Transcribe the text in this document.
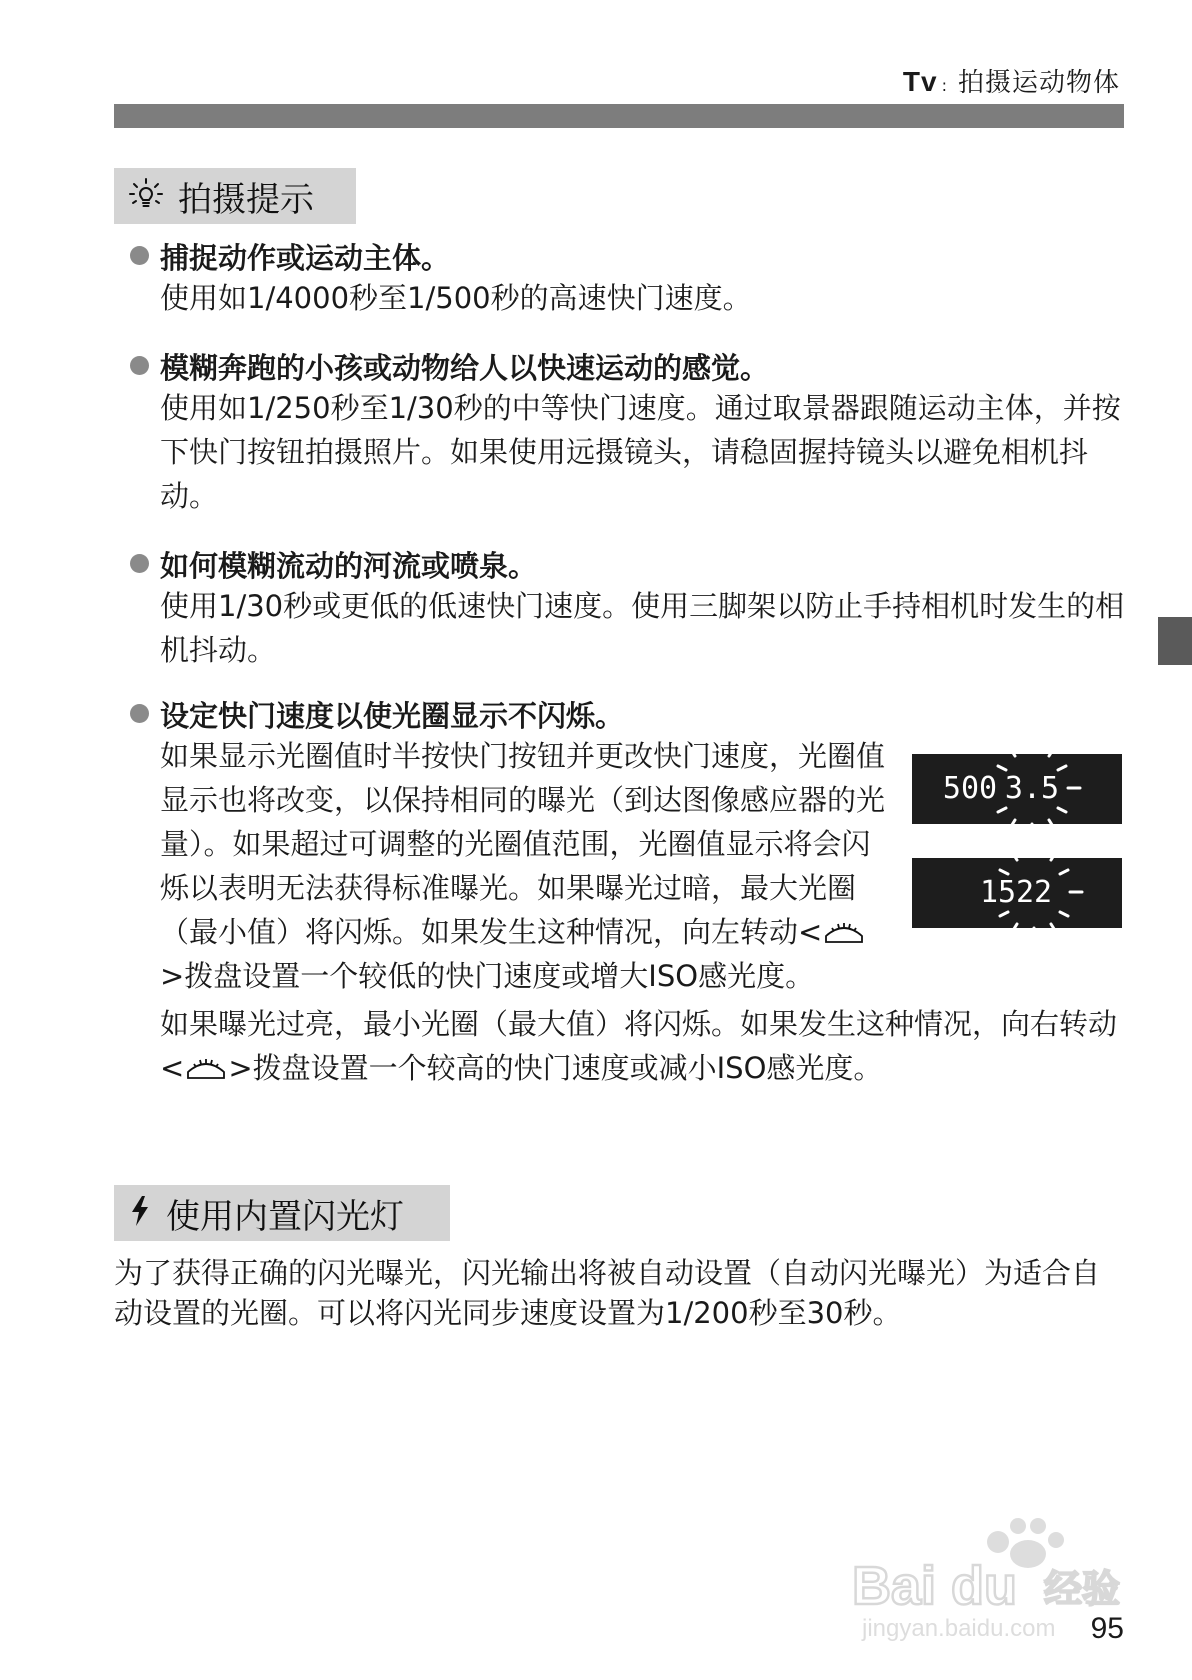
Tv : 拍摄运动物体
拍摄提示
捕捉动作或运动主体。

使用如1/4000秒至1/500秒的高速快门速度。

模糊奔跑的小孩或动物给人以快速运动的感觉。

使用如1/250秒至1/30秒的中等快门速度。通过取景器跟随运动主体，并按下快门按钮拍摄照片。如果使用远摄镜头，请稳固握持镜头以避免相机抖动。

如何模糊流动的河流或喷泉。

使用1/30秒或更低的低速快门速度。使用三脚架以防止手持相机时发生的相机抖动。

设定快门速度以使光圈显示不闪烁。

如果显示光圈值时半按快门按钮并更改快门速度，光圈值显示也将改变，以保持相同的曝光（到达图像感应器的光量）。如果超过可调整的光圈值范围，光圈值显示将会闪烁以表明无法获得标准曝光。如果曝光过暗，最大光圈（最小值）将闪烁。如果发生这种情况，向左转动<>拨盘设置一个较低的快门速度或增大ISO感光度。

如果曝光过亮，最小光圈（最大值）将闪烁。如果发生这种情况，向右转动< >拨盘设置一个较高的快门速度或减小ISO感光度。

500 3.5
15 22
使用内置闪光灯

为了获得正确的闪光曝光，闪光输出将被自动设置（自动闪光曝光）为适合自动设置的光圈。可以将闪光同步速度设置为1/200秒至30秒。

Bai du 经验
jingyan.baidu.com 95
